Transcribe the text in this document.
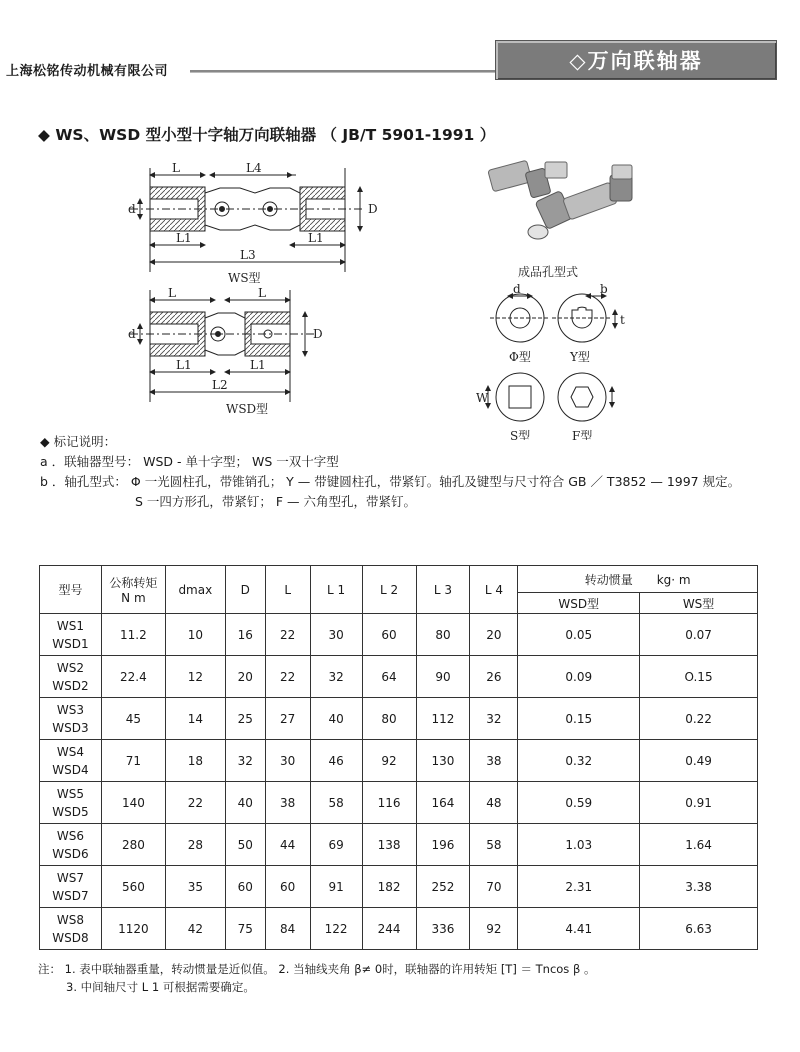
上海松铭传动机械有限公司	◇万向联轴器
◆ WS、WSD 型小型十字轴万向联轴器 （ JB/T 5901-1991 ）
L	L4
L1	L1
L3
d	D
WS型
L	L
L1	L1
L2
d	D
WSD型
成品孔型式
d	b
t
W
Φ型	Y型
S型	F型
◆ 标记说明：
a ．联轴器型号： WSD - 单十字型； WS 一双十字型
b ．轴孔型式： Φ 一光圆柱孔，带锥销孔； Y — 带键圆柱孔，带紧钉。轴孔及键型与尺寸符合 GB ／ T3852 — 1997 规定。
S 一四方形孔，带紧钉； F — 六角型孔，带紧钉。
型号	公称转矩
N m	dmax	D	L	L 1	L 2	L 3	L 4	转动惯量　　kg· m	
									WSD型	WS型

WS1
WSD1	11.2	10	16	22	30	60	80	20	0.05	0.07

WS2
WSD2	22.4	12	20	22	32	64	90	26	0.09	O.15

WS3
WSD3	45	14	25	27	40	80	112	32	0.15	0.22

WS4
WSD4	71	18	32	30	46	92	130	38	0.32	0.49

WS5
WSD5	140	22	40	38	58	116	164	48	0.59	0.91

WS6
WSD6	280	28	50	44	69	138	196	58	1.03	1.64

WS7
WSD7	560	35	60	60	91	182	252	70	2.31	3.38

WS8
WSD8	1120	42	75	84	122	244	336	92	4.41	6.63
注： 1. 表中联轴器重量，转动惯量是近似值。 2. 当轴线夹角 β≠ 0时，联轴器的许用转矩 [T] ＝ Tncos β 。
3. 中间轴尺寸 L 1 可根据需要确定。
